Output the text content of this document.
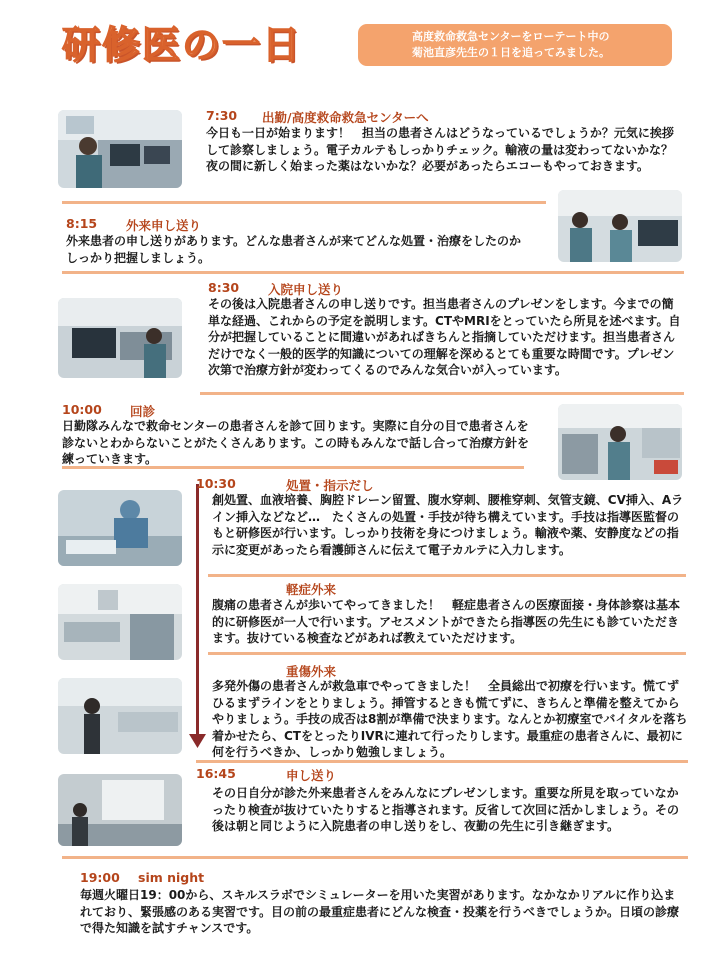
研修医の一日	高度救命救急センターをローテート中の
菊池直彦先生の１日を追ってみました。
7:30 出勤/高度救命救急センターへ
今日も一日が始まります！　担当の患者さんはどうなっているでしょうか？元気に挨拶して診察しましょう。電子カルテもしっかりチェック。輸液の量は変わってないかな？　夜の間に新しく始まった薬はないかな？必要があったらエコーもやっておきます。
8:15 外来申し送り
外来患者の申し送りがあります。どんな患者さんが来てどんな処置・治療をしたのかしっかり把握しましょう。
8:30 入院申し送り
その後は入院患者さんの申し送りです。担当患者さんのプレゼンをします。今までの簡単な経過、これからの予定を説明します。CTやMRIをとっていたら所見を述べます。自分が把握していることに間違いがあればきちんと指摘していただけます。担当患者さんだけでなく一般的医学的知識についての理解を深めるとても重要な時間です。プレゼン次第で治療方針が変わってくるのでみんな気合いが入っています。
10:00 回診
日勤隊みんなで救命センターの患者さんを診て回ります。実際に自分の目で患者さんを診ないとわからないことがたくさんあります。この時もみんなで話し合って治療方針を練っていきます。
10:30	処置・指示だし
創処置、血液培養、胸腔ドレーン留置、腹水穿刺、腰椎穿刺、気管支鏡、CV挿入、Aライン挿入などなど…　たくさんの処置・手技が待ち構えています。手技は指導医監督のもと研修医が行います。しっかり技術を身につけましょう。輸液や薬、安静度などの指示に変更があったら看護師さんに伝えて電子カルテに入力します。
軽症外来
腹痛の患者さんが歩いてやってきました！　軽症患者さんの医療面接・身体診察は基本的に研修医が一人で行います。アセスメントができたら指導医の先生にも診ていただきます。抜けている検査などがあれば教えていただけます。
重傷外来
多発外傷の患者さんが救急車でやってきました！　全員総出で初療を行います。慌てずひるまずラインをとりましょう。挿管するときも慌てずに、きちんと準備を整えてからやりましょう。手技の成否は8割が準備で決まります。なんとか初療室でバイタルを落ち着かせたら、CTをとったりIVRに連れて行ったりします。最重症の患者さんに、最初に何を行うべきか、しっかり勉強しましょう。
16:45	申し送り
その日自分が診た外来患者さんをみんなにプレゼンします。重要な所見を取っていなかったり検査が抜けていたりすると指導されます。反省して次回に活かしましょう。その後は朝と同じように入院患者の申し送りをし、夜勤の先生に引き継ぎます。
19:00 sim night
毎週火曜日19：00から、スキルスラボでシミュレーターを用いた実習があります。なかなかリアルに作り込まれており、緊張感のある実習です。目の前の最重症患者にどんな検査・投薬を行うべきでしょうか。日頃の診療で得た知識を試すチャンスです。
